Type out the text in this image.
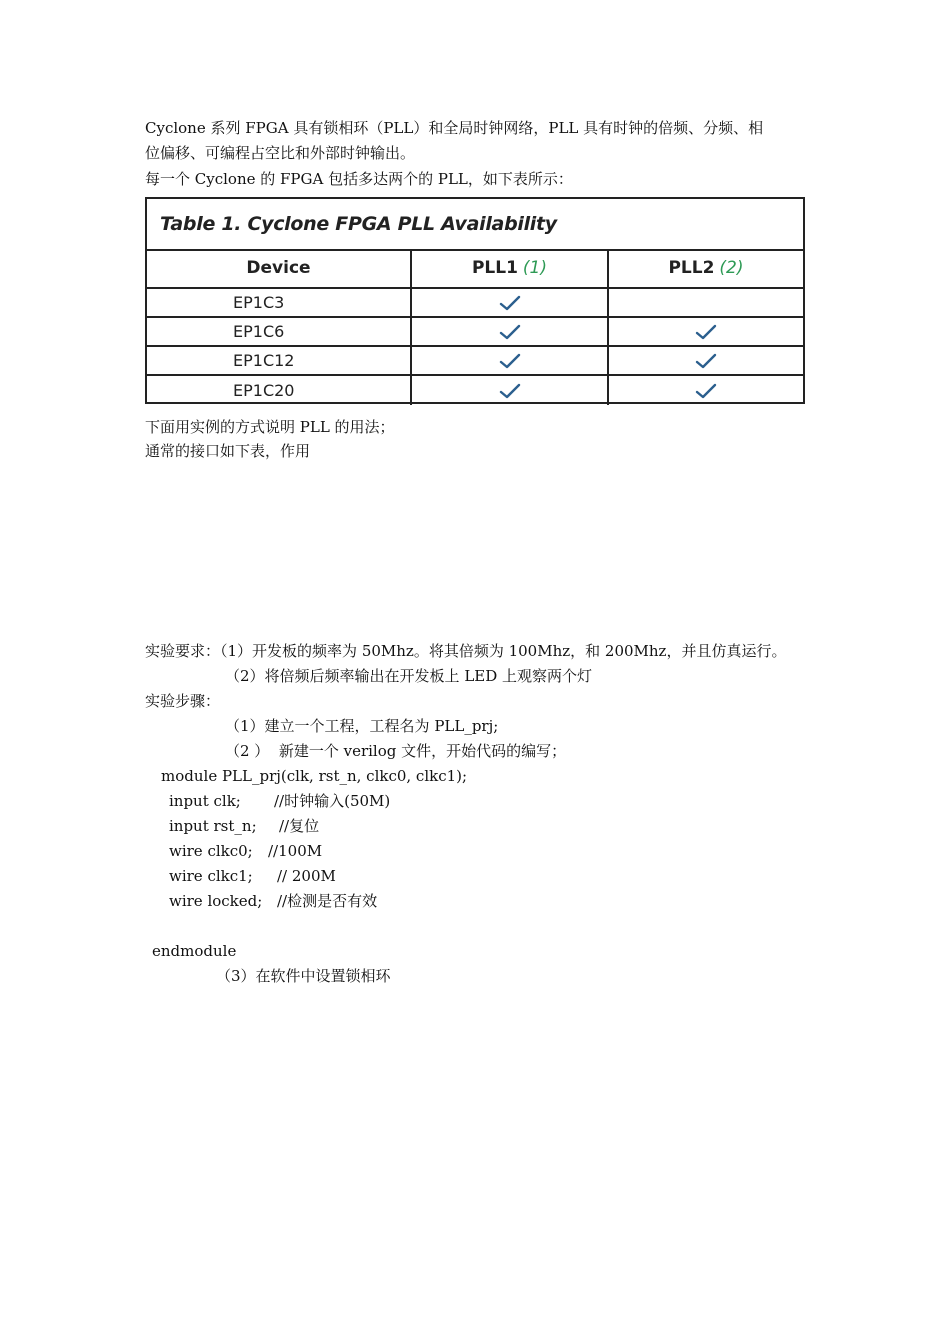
Cyclone 系列 FPGA 具有锁相环（PLL）和全局时钟网络，PLL 具有时钟的倍频、分频、相
位偏移、可编程占空比和外部时钟输出。
每一个 Cyclone 的 FPGA 包括多达两个的 PLL，如下表所示：
Table 1. Cyclone FPGA PLL Availability
Device	PLL1 (1)	PLL2 (2)
EP1C3
EP1C6
EP1C12
EP1C20
下面用实例的方式说明 PLL 的用法；
通常的接口如下表，作用
实验要求：（1）开发板的频率为 50Mhz。将其倍频为 100Mhz，和 200Mhz，并且仿真运行。
（2）将倍频后频率输出在开发板上 LED 上观察两个灯
实验步骤：
（1）建立一个工程，工程名为 PLL_prj;
（2 ）  新建一个 verilog 文件，开始代码的编写；
module PLL_prj(clk, rst_n, clkc0, clkc1);
input clk; //时钟输入(50M)
input rst_n; //复位
wire clkc0; //100M
wire clkc1; // 200M
wire locked; //检测是否有效
endmodule
（3）在软件中设置锁相环
